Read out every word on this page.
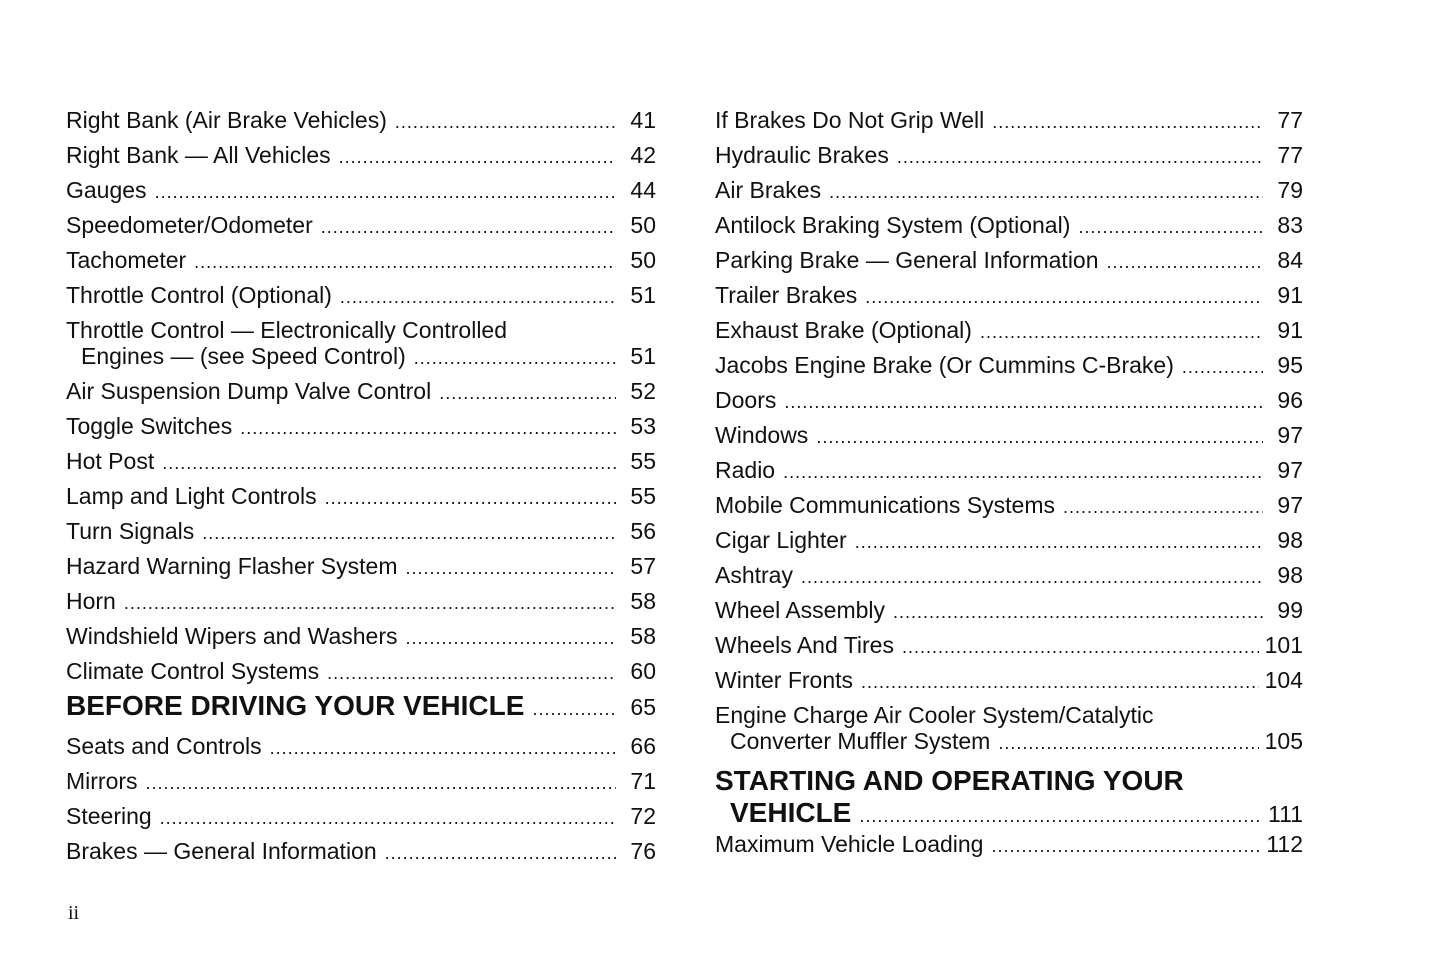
Right Bank (Air Brake Vehicles) .....	41
Right Bank — All Vehicles .....	42
Gauges .....	44
Speedometer/Odometer .....	50
Tachometer .....	50
Throttle Control (Optional) .....	51
Throttle Control — Electronically Controlled
Engines — (see Speed Control) .....	51
Air Suspension Dump Valve Control .....	52
Toggle Switches .....	53
Hot Post .....	55
Lamp and Light Controls .....	55
Turn Signals .....	56
Hazard Warning Flasher System .....	57
Horn .....	58
Windshield Wipers and Washers .....	58
Climate Control Systems .....	60
BEFORE DRIVING YOUR VEHICLE .....	65
Seats and Controls .....	66
Mirrors .....	71
Steering .....	72
Brakes — General Information .....	76
If Brakes Do Not Grip Well .....	77
Hydraulic Brakes .....	77
Air Brakes .....	79
Antilock Braking System (Optional) .....	83
Parking Brake — General Information .....	84
Trailer Brakes .....	91
Exhaust Brake (Optional) .....	91
Jacobs Engine Brake (Or Cummins C-Brake) .....	95
Doors .....	96
Windows .....	97
Radio .....	97
Mobile Communications Systems .....	97
Cigar Lighter .....	98
Ashtray .....	98
Wheel Assembly .....	99
Wheels And Tires .....	101
Winter Fronts .....	104
Engine Charge Air Cooler System/Catalytic
Converter Muffler System .....	105
STARTING AND OPERATING YOUR
VEHICLE .....	111
Maximum Vehicle Loading .....	112
ii
